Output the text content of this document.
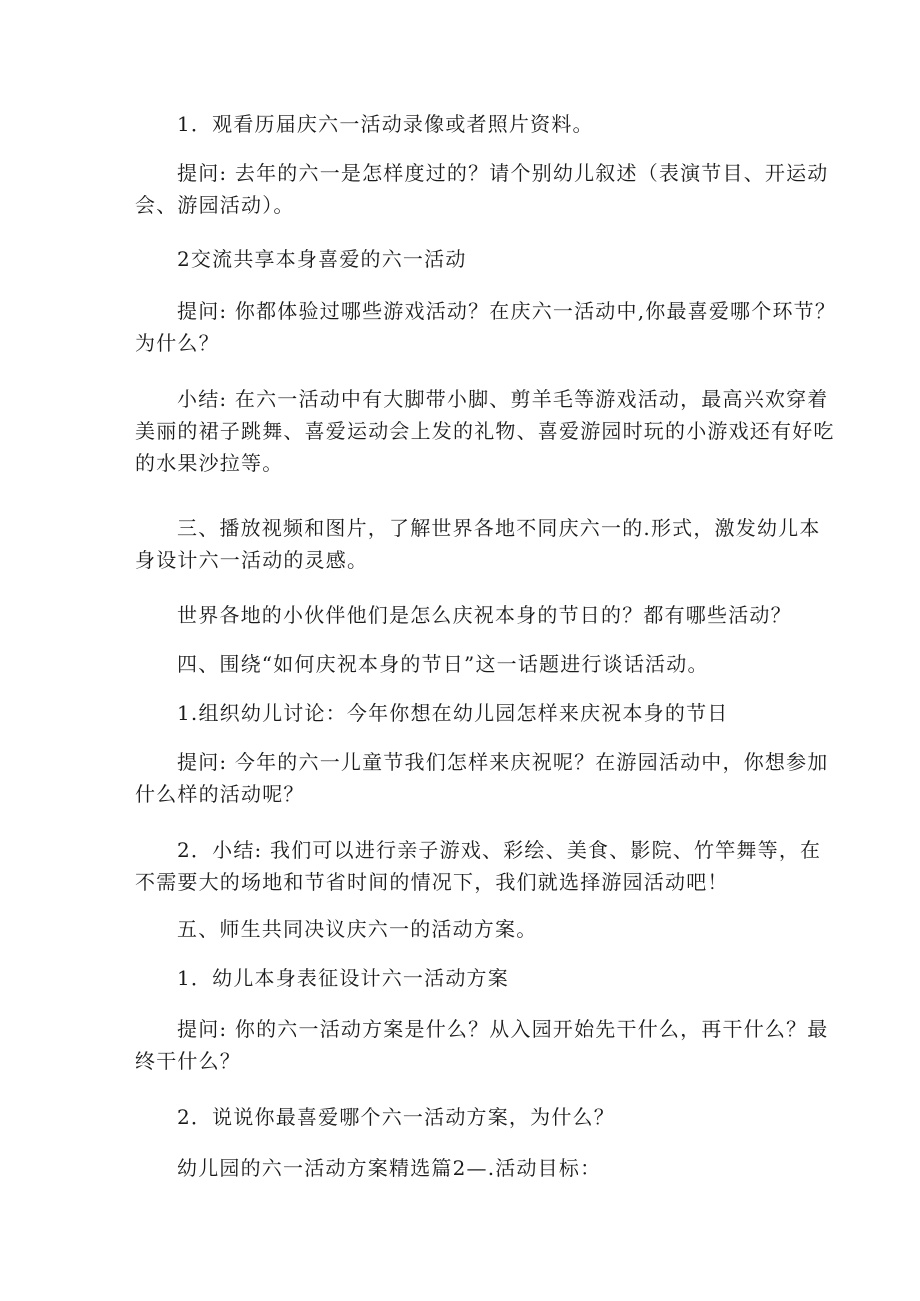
1．观看历届庆六一活动录像或者照片资料。

提问: 去年的六一是怎样度过的？请个别幼儿叙述（表演节目、开运动
会、游园活动）。

2交流共享本身喜爱的六一活动

提问: 你都体验过哪些游戏活动？在庆六一活动中,你最喜爱哪个环节？
为什么？

小结: 在六一活动中有大脚带小脚、剪羊毛等游戏活动，最高兴欢穿着
美丽的裙子跳舞、喜爱运动会上发的礼物、喜爱游园时玩的小游戏还有好吃
的水果沙拉等。

三、播放视频和图片，了解世界各地不同庆六一的.形式，激发幼儿本
身设计六一活动的灵感。

世界各地的小伙伴他们是怎么庆祝本身的节日的？都有哪些活动？

四、围绕“如何庆祝本身的节日”这一话题进行谈话活动。

1.组织幼儿讨论：今年你想在幼儿园怎样来庆祝本身的节日

提问: 今年的六一儿童节我们怎样来庆祝呢？在游园活动中，你想参加
什么样的活动呢？

2．小结: 我们可以进行亲子游戏、彩绘、美食、影院、竹竿舞等，在
不需要大的场地和节省时间的情况下，我们就选择游园活动吧！

五、师生共同决议庆六一的活动方案。

1．幼儿本身表征设计六一活动方案

提问: 你的六一活动方案是什么？从入园开始先干什么，再干什么？最
终干什么？

2．说说你最喜爱哪个六一活动方案，为什么？

幼儿园的六一活动方案精选篇2—.活动目标：
